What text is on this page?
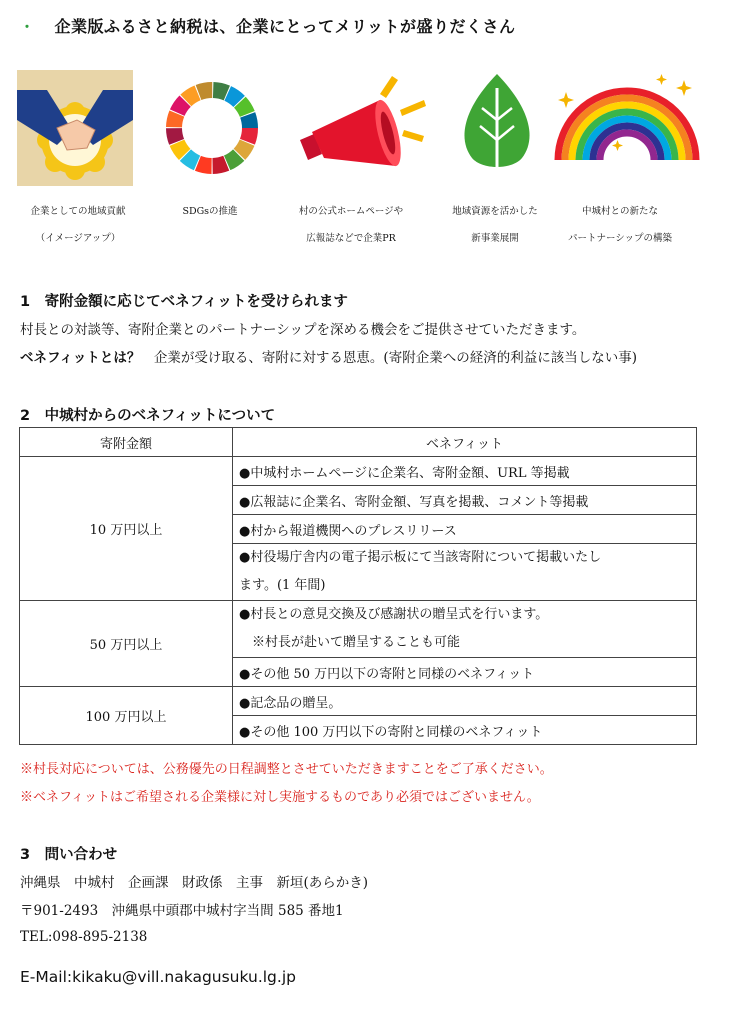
・ 企業版ふるさと納税は、企業にとってメリットが盛りだくさん
企業としての地域貢献
（イメージアップ）
SDGsの推進	村の公式ホームページや
広報誌などで企業PR
地域資源を活かした
新事業展開
中城村との新たな
パートナーシップの構築
1　寄附金額に応じてベネフィットを受けられます
村長との対談等、寄附企業とのパートナーシップを深める機会をご提供させていただきます。
ベネフィットとは？　企業が受け取る、寄附に対する恩恵。(寄附企業への経済的利益に該当しない事)
2　中城村からのベネフィットについて
寄附金額	ベネフィット
10 万円以上	●中城村ホームページに企業名、寄附金額、URL 等掲載
	●広報誌に企業名、寄附金額、写真を掲載、コメント等掲載
	●村から報道機関へのプレスリリース

	●村役場庁舎内の電子掲示板にて当該寄附について掲載いたし
ます。(1 年間)

50 万円以上	●村長との意見交換及び感謝状の贈呈式を行います。
　※村長が赴いて贈呈することも可能

	●その他 50 万円以下の寄附と同様のベネフィット
100 万円以上	●記念品の贈呈。
	●その他 100 万円以下の寄附と同様のベネフィット
※村長対応については、公務優先の日程調整とさせていただきますことをご了承ください。
※ベネフィットはご希望される企業様に対し実施するものであり必須ではございません。
3　問い合わせ
沖縄県　中城村　企画課　財政係　主事　新垣(あらかき)
〒901-2493　沖縄県中頭郡中城村字当間 585 番地1
TEL:098-895-2138
E-Mail:kikaku@vill.nakagusuku.lg.jp
